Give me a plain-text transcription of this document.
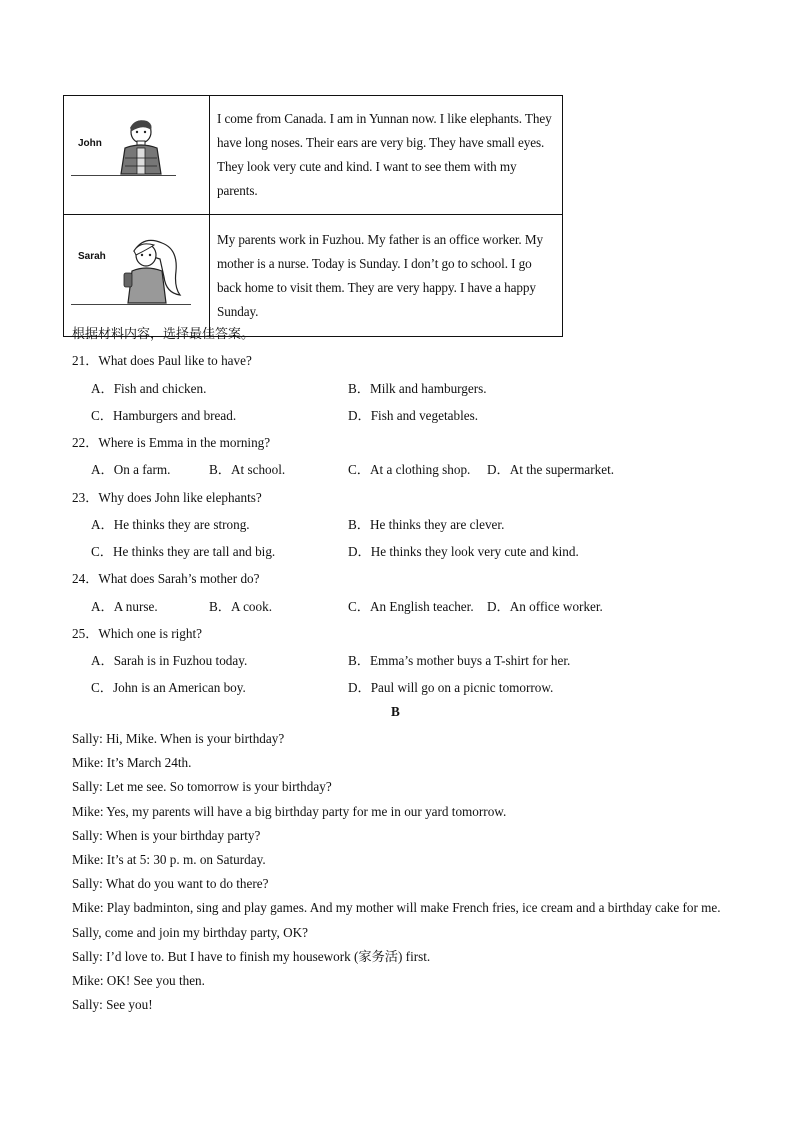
John	I come from Canada. I am in Yunnan now. I like elephants. They have long noses. Their ears are very big. They have small eyes. They look very cute and kind. I want to see them with my parents.

Sarah	My parents work in Fuzhou. My father is an office worker. My mother is a nurse. Today is Sunday. I don’t go to school. I go back home to visit them. They are very happy. I have a happy Sunday.
根据材料内容，选择最佳答案。
21．What does Paul like to have?
A．Fish and chicken.	B．Milk and hamburgers.
C．Hamburgers and bread.	D．Fish and vegetables.
22．Where is Emma in the morning?
A．On a farm.	B．At school.	C．At a clothing shop. D．At the supermarket.
23．Why does John like elephants?
A．He thinks they are strong.	B．He thinks they are clever.
C．He thinks they are tall and big.	D．He thinks they look very cute and kind.
24．What does Sarah’s mother do?
A．A nurse.	B．A cook.	C．An English teacher. D．An office worker.
25．Which one is right?
A．Sarah is in Fuzhou today.	B．Emma’s mother buys a T-shirt for her.
C．John is an American boy.	D．Paul will go on a picnic tomorrow.
B

Sally: Hi, Mike. When is your birthday?

Mike: It’s March 24th.

Sally: Let me see. So tomorrow is your birthday?

Mike: Yes, my parents will have a big birthday party for me in our yard tomorrow.

Sally: When is your birthday party?

Mike: It’s at 5: 30 p. m. on Saturday.

Sally: What do you want to do there?

Mike: Play badminton, sing and play games. And my mother will make French fries, ice cream and a birthday cake for me. Sally, come and join my birthday party, OK?

Sally: I’d love to. But I have to finish my housework (家务活) first.

Mike: OK! See you then.

Sally: See you!
